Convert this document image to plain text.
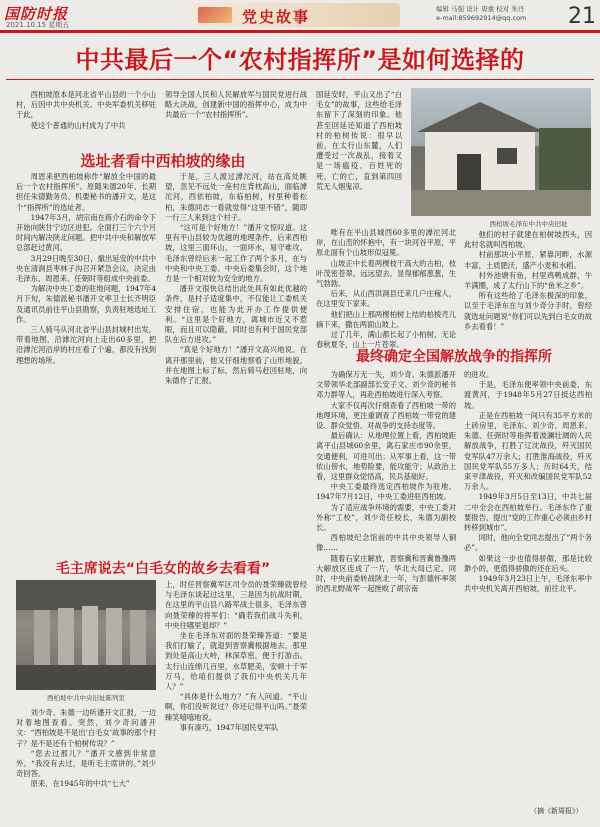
国防时报
2021.10.15 星期五	党史故事	编辑 马强 设计 唐重 校对 朱丹
e-mail:859692914@qq.com 21
中共最后一个“农村指挥所”是如何选择的

西柏坡原本是河北省平山县的一个小山村，后因中共中央机关、中央军委机关移驻于此，

使这个普通的山村成为了中共

领导全国人民和人民解放军与国民党进行战略大决战，创建新中国的指挥中心，成为中共最后一个“农村指挥所”。

国延安时，平山又出了“白毛女”的故事，这些给毛泽东留下了深刻的印象。他甚至回延还知道了西柏坡村的柏树传说：很早以前，在太行山东麓，人们遭受过一次战乱，接着又是一场瘟疫，百姓死的死，亡的亡，直到第四回荒无人烟鬼凉。

西柏坡毛泽东中共中央旧址
选址者看中西柏坡的缘由

周恩来把西柏坡称作“解放全中国的最后一个农村指挥所”。原随朱德20年、长期担任朱德勤务员、机要秘书的潘开文，是这个“指挥所”的选址者。

1947年3月，胡宗南在蒋介石的命令下开始向陕甘宁边区进犯。全面打三个六个月时间内解决陕北问题。把中共中央和解放军总部赶过黄河。

3月29日晚至30日，撤出延安的中共中央在清涧县枣林子沟召开紧急会议，决定由毛泽东、周恩来、任弼时等组成中央前委。

为解决中央工委的驻地问题，1947年4月下旬，朱德派秘书潘开文率卫士长齐明臣及通讯员前往平山县勘察，负责驻地选址工作。

三人骑马从河北省平山县封城村出发，带着地图、沿滹沱河向上走出60多里，把沿滹沱河沿岸的村庄看了个遍，都没有找到理想的场所。

于是，三人渡过滹沱河，站在高处眺望，忽见不远处一座村庄背枕高山，面临滹沱河，西依柏坡，东临柏树，村里种着松柏，朱德同志一看就觉得“这里不错”，随即一行三人来到这个村子。

“这可是个好地方！”潘开文惊叹道。这里有平山县较为优越的地理条件，后来西柏坡，这里三面环山，一面环水，易守难攻。毛泽东曾经后来一起工作了两个多月，在与中央和中央工委、中央后委集会时，这个地方是一个相对较为安全的地方。

潘开文很快总结出此处具有如此优越的条件，是村子适度集中，不仅能让工委机关安排住宿，也能为此开办工作提供便利。“这里是个好地方，离城市近又不惹眼，而且可以隐蔽，同时也有利于国民党部队在后方进攻。”

“真是个好地方！”潘开文高兴地说。在离开那里前，他又仔细地察看了山形地貌，并在地图上标了标，然后骑马赶回驻地，向朱德作了汇报。

唯有在平山县城西60多里的滹沱河北岸，在山峦的怀抱中，有一块河谷平原，平原北面有个山坡形似冠冕。

山坡正中长着两棵枝干高大的古柏，枝叶茂密苍翠，远远望去，显得郁郁葱葱，生气勃勃。

后来，从山西洪洞县迁来几户庄稼人，在这里安下家来。

他们把山上那两棵柏树上结的柏棱壳儿摘下来，撒在两面山坡上。

过了几年，满山都长起了小柏树，无论春秋夏冬，山上一片苍翠。

他们的村子就建在柏树坡西头，因此村名就叫西柏坡。

村前那块小平原，紧靠河畔，水源丰富，土质肥沃，盛产小麦和水稻。

村外池塘有鱼，村里鸡鸭成群，牛羊满圈，成了太行山下的“鱼米之乡”。

所有这些给了毛泽东极深的印象，以至于毛泽东在与刘少奇分手时，曾经就选址问题说“你们可以先到白毛女的故乡去看看！”

最终确定全国解放战争的指挥所

为确保万无一失，刘少奇、朱德派潘开文带领华北部副部长安子文、刘少奇的秘书邓力群等人，再赴西柏坡进行深入考察。

大家不仅再次仔细查看了西柏坡一带的地理环境，更注重调查了西柏坡一带党的建设、群众觉悟、对战争的支持态度等。

最后确认：从地理位置上看，西柏坡距离平山县城60余里，离石家庄市90余里，交通便利，可进可出；从军事上看，这一带依山傍水，地势险要，能攻能守；从政治上看，这里群众觉悟高，民兵基础好。

中央工委最终选定西柏坡作为驻地。1947年7月12日，中央工委进驻西柏坡。

为了适应战争环境的需要，中央工委对外称“工校”，刘少奇任校长，朱德为副校长。

西柏坡纪念馆前的中共中央领导人铜像……

随着石家庄解放，晋察冀和晋冀鲁豫两大解放区连成了一片，华北大局已定。同时，中央前委转战陕北一年，与彭德怀率领的西北野战军一起挫败了胡宗南

的进攻。

于是，毛泽东便率领中央前委，东渡黄河，于1948年5月27日抵达西柏坡。

正是在西柏坡一间只有35平方米的土砖房里，毛泽东、刘少奇、周恩来、朱德、任弼时等指挥着波澜壮阔的人民解放战争，打胜了辽沈战役，歼灭国民党军队47万余人；打胜淮海战役，歼灭国民党军队55万多人；历时64天，结束平津战役，歼灭和改编国民党军队52万余人。

1949年3月5日至13日，中共七届二中全会在西柏坡举行。毛泽东作了重要报告，提出“党的工作重心必须由乡村转移到城市”。

同时，他向全党同志提出了“两个务必”。

如果这一步也值得骄傲，那是比较渺小的，更值得骄傲的还在后头。

1949年3月23日上午，毛泽东率中共中央机关离开西柏坡，前往北平。

（摘《新周报》）
毛主席说去“白毛女的故乡去看看”
西柏坡中共中央旧址陈列室

上，时任晋察冀军区司令员的聂荣臻就曾经与毛泽东谈起过这里，三是因为抗战时期，在这里的平山县八路军战士很多，毛泽东曾向聂荣臻的将军们：“确若我们战斗失利，中央往哪里退却？”

坐在毛泽东对面的聂荣臻答道：“要是我们打输了，就退到晋察冀根据地去，那里到处是高山大岭，林深草密，便于打游击。太行山连绵几百里，水草肥美，安顿十千军万马，给咱们提供了我们中央机关几年人？”

“具体是什么地方？”有人问道。“平山啊，你们没听说过？你还记得平山吗。”聂荣臻笑嘻嘻地说。

事有凑巧，1947年国民党军队

刘少奇、朱德一边听潘开文汇报，一边对着地图查看。突然，刘少奇问潘开文：“西柏坡是不是出‘白毛女’故事的那个村子？是不是还有个柏树传说？”

“您去过那儿？”潘开文感到非常意外。“我没有去过，是听毛主席讲的。”刘少奇回答。

原来，在1945年的中共“七大”
